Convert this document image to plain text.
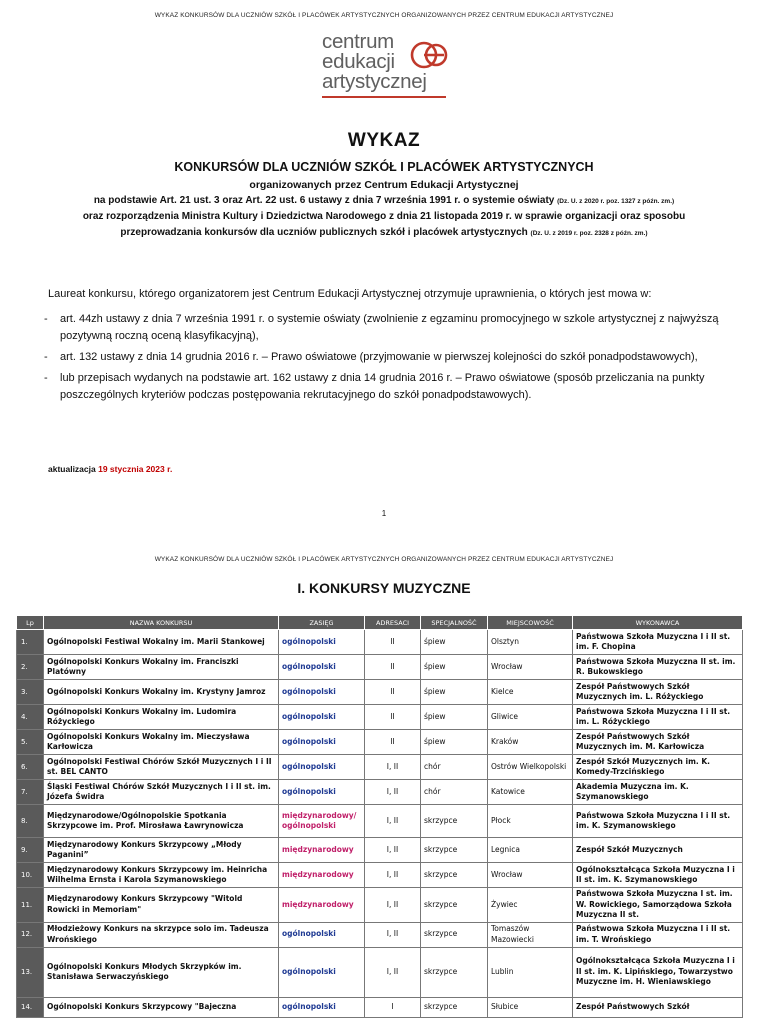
WYKAZ KONKURSÓW DLA UCZNIÓW SZKÓŁ I PLACÓWEK ARTYSTYCZNYCH ORGANIZOWANYCH PRZEZ CENTRUM EDUKACJI ARTYSTYCZNEJ
centrum
edukacji
artystycznej
WYKAZ
KONKURSÓW DLA UCZNIÓW SZKÓŁ I PLACÓWEK ARTYSTYCZNYCH
organizowanych przez Centrum Edukacji Artystycznej
na podstawie Art. 21 ust. 3 oraz Art. 22 ust. 6 ustawy z dnia 7 września 1991 r. o systemie oświaty (Dz. U. z 2020 r. poz. 1327 z późn. zm.)
oraz rozporządzenia Ministra Kultury i Dziedzictwa Narodowego z dnia 21 listopada 2019 r. w sprawie organizacji oraz sposobu
przeprowadzania konkursów dla uczniów publicznych szkół i placówek artystycznych (Dz. U. z 2019 r. poz. 2328 z późn. zm.)
Laureat konkursu, którego organizatorem jest Centrum Edukacji Artystycznej otrzymuje uprawnienia, o których jest mowa w:
- art. 44zh ustawy z dnia 7 września 1991 r. o systemie oświaty (zwolnienie z egzaminu promocyjnego w szkole artystycznej z najwyższą pozytywną roczną oceną klasyfikacyjną),
- art. 132 ustawy z dnia 14 grudnia 2016 r. – Prawo oświatowe (przyjmowanie w pierwszej kolejności do szkół ponadpodstawowych),
- lub przepisach wydanych na podstawie art. 162 ustawy z dnia 14 grudnia 2016 r. – Prawo oświatowe (sposób przeliczania na punkty poszczególnych kryteriów podczas postępowania rekrutacyjnego do szkół ponadpodstawowych).
aktualizacja 19 stycznia 2023 r.
1
WYKAZ KONKURSÓW DLA UCZNIÓW SZKÓŁ I PLACÓWEK ARTYSTYCZNYCH ORGANIZOWANYCH PRZEZ CENTRUM EDUKACJI ARTYSTYCZNEJ
I. KONKURSY MUZYCZNE
Lp	NAZWA KONKURSU	ZASIĘG	ADRESACI	SPECJALNOŚĆ	MIEJSCOWOŚĆ	WYKONAWCA
1.	Ogólnopolski Festiwal Wokalny im. Marii Stankowej	ogólnopolski	II	śpiew	Olsztyn	Państwowa Szkoła Muzyczna I i II st. im. F. Chopina
2.	Ogólnopolski Konkurs Wokalny im. Franciszki Platówny	ogólnopolski	II	śpiew	Wrocław	Państwowa Szkoła Muzyczna II st. im. R. Bukowskiego
3.	Ogólnopolski Konkurs Wokalny im. Krystyny Jamroz	ogólnopolski	II	śpiew	Kielce	Zespół Państwowych Szkół Muzycznych im. L. Różyckiego
4.	Ogólnopolski Konkurs Wokalny im. Ludomira Różyckiego	ogólnopolski	II	śpiew	Gliwice	Państwowa Szkoła Muzyczna I i II st. im. L. Różyckiego
5.	Ogólnopolski Konkurs Wokalny im. Mieczysława Karłowicza	ogólnopolski	II	śpiew	Kraków	Zespół Państwowych Szkół Muzycznych im. M. Karłowicza
6.	Ogólnopolski Festiwal Chórów Szkół Muzycznych I i II st. BEL CANTO	ogólnopolski	I, II	chór	Ostrów Wielkopolski	Zespół Szkół Muzycznych im. K. Komedy-Trzcińskiego
7.	Śląski Festiwal Chórów Szkół Muzycznych I i II st. im. Józefa Świdra	ogólnopolski	I, II	chór	Katowice	Akademia Muzyczna im. K. Szymanowskiego
8.	Międzynarodowe/Ogólnopolskie Spotkania Skrzypcowe im. Prof. Mirosława Ławrynowicza	międzynarodowy/ ogólnopolski	I, II	skrzypce	Płock	Państwowa Szkoła Muzyczna I i II st. im. K. Szymanowskiego
9.	Międzynarodowy Konkurs Skrzypcowy „Młody Paganini”	międzynarodowy	I, II	skrzypce	Legnica	Zespół Szkół Muzycznych
10.	Międzynarodowy Konkurs Skrzypcowy im. Heinricha Wilhelma Ernsta i Karola Szymanowskiego	międzynarodowy	I, II	skrzypce	Wrocław	Ogólnokształcąca Szkoła Muzyczna I i II st. im. K. Szymanowskiego
11.	Międzynarodowy Konkurs Skrzypcowy "Witold Rowicki in Memoriam"	międzynarodowy	I, II	skrzypce	Żywiec	Państwowa Szkoła Muzyczna I st. im. W. Rowickiego, Samorządowa Szkoła Muzyczna II st.
12.	Młodzieżowy Konkurs na skrzypce solo im. Tadeusza Wrońskiego	ogólnopolski	I, II	skrzypce	Tomaszów Mazowiecki	Państwowa Szkoła Muzyczna I i II st. im. T. Wrońskiego
13.	Ogólnopolski Konkurs Młodych Skrzypków im. Stanisława Serwaczyńskiego	ogólnopolski	I, II	skrzypce	Lublin	Ogólnokształcąca Szkoła Muzyczna I i II st. im. K. Lipińskiego, Towarzystwo Muzyczne im. H. Wieniawskiego
14.	Ogólnopolski Konkurs Skrzypcowy "Bajeczna	ogólnopolski	I	skrzypce	Słubice	Zespół Państwowych Szkół
